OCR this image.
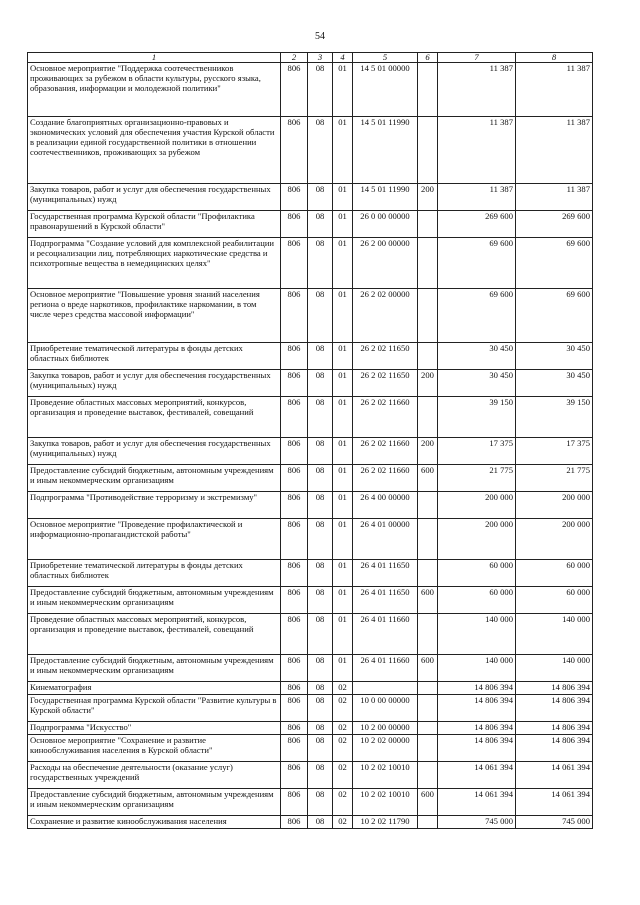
54
1	2	3	4	5	6	7	8
Основное мероприятие "Поддержка соотечественников проживающих за рубежом в области культуры, русского языка, образования, информации и молодежной политики"	806	08	01	14 5 01 00000		11 387	11 387
Создание благоприятных организационно-правовых и экономических условий для обеспечения участия Курской области в реализации единой государственной политики в отношении соотечественников, проживающих за рубежом	806	08	01	14 5 01 11990		11 387	11 387
Закупка товаров, работ и услуг для обеспечения государственных (муниципальных) нужд	806	08	01	14 5 01 11990	200	11 387	11 387
Государственная программа Курской области "Профилактика правонарушений в Курской области"	806	08	01	26 0 00 00000		269 600	269 600
Подпрограмма "Создание условий для комплексной реабилитации и ресоциализации лиц, потребляющих наркотические средства и психотропные вещества в немедицинских целях"	806	08	01	26 2 00 00000		69 600	69 600
Основное мероприятие "Повышение уровня знаний населения региона о вреде наркотиков, профилактике наркомании, в том числе через средства массовой информации"	806	08	01	26 2 02 00000		69 600	69 600
Приобретение тематической литературы в фонды детских областных библиотек	806	08	01	26 2 02 11650		30 450	30 450
Закупка товаров, работ и услуг для обеспечения государственных (муниципальных) нужд	806	08	01	26 2 02 11650	200	30 450	30 450
Проведение областных массовых мероприятий, конкурсов, организация и проведение выставок, фестивалей, совещаний	806	08	01	26 2 02 11660		39 150	39 150
Закупка товаров, работ и услуг для обеспечения государственных (муниципальных) нужд	806	08	01	26 2 02 11660	200	17 375	17 375
Предоставление субсидий бюджетным, автономным учреждениям и иным некоммерческим организациям	806	08	01	26 2 02 11660	600	21 775	21 775
Подпрограмма "Противодействие терроризму и экстремизму"	806	08	01	26 4 00 00000		200 000	200 000
Основное мероприятие "Проведение профилактической и информационно-пропагандистской работы"	806	08	01	26 4 01 00000		200 000	200 000
Приобретение тематической литературы в фонды детских областных библиотек	806	08	01	26 4 01 11650		60 000	60 000
Предоставление субсидий бюджетным, автономным учреждениям и иным некоммерческим организациям	806	08	01	26 4 01 11650	600	60 000	60 000
Проведение областных массовых мероприятий, конкурсов, организация и проведение выставок, фестивалей, совещаний	806	08	01	26 4 01 11660		140 000	140 000
Предоставление субсидий бюджетным, автономным учреждениям и иным некоммерческим организациям	806	08	01	26 4 01 11660	600	140 000	140 000
Кинематография	806	08	02			14 806 394	14 806 394
Государственная программа Курской области "Развитие культуры в Курской области"	806	08	02	10 0 00 00000		14 806 394	14 806 394
Подпрограмма "Искусство"	806	08	02	10 2 00 00000		14 806 394	14 806 394
Основное мероприятие "Сохранение и развитие кинообслуживания населения в Курской области"	806	08	02	10 2 02 00000		14 806 394	14 806 394
Расходы на обеспечение деятельности (оказание услуг) государственных учреждений	806	08	02	10 2 02 10010		14 061 394	14 061 394
Предоставление субсидий бюджетным, автономным учреждениям и иным некоммерческим организациям	806	08	02	10 2 02 10010	600	14 061 394	14 061 394
Сохранение и развитие кинообслуживания населения	806	08	02	10 2 02 11790		745 000	745 000
